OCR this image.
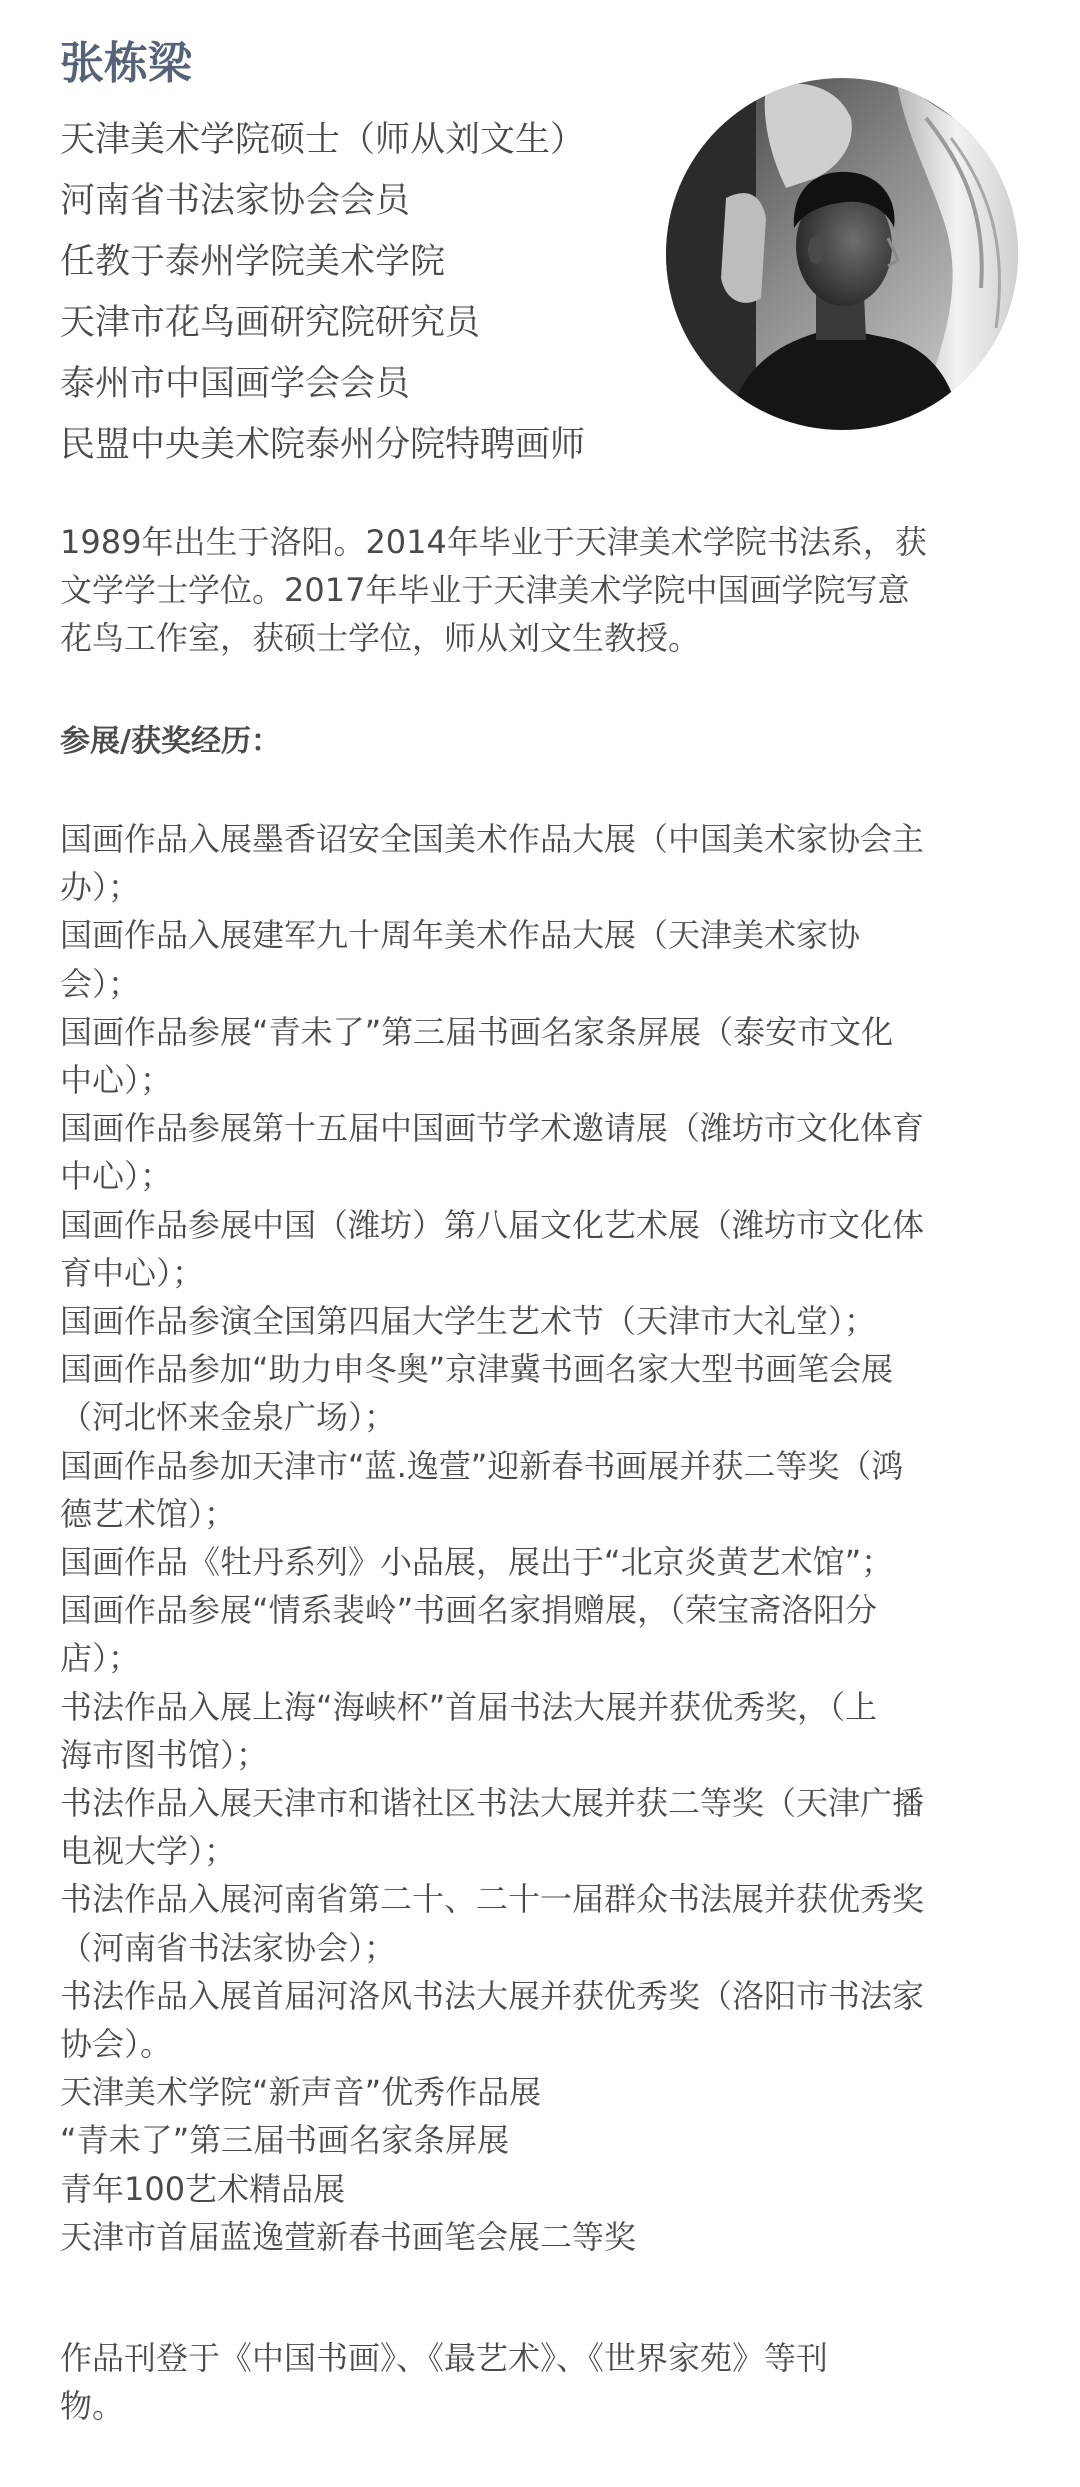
张栋梁
天津美术学院硕士（师从刘文生）
河南省书法家协会会员
任教于泰州学院美术学院
天津市花鸟画研究院研究员
泰州市中国画学会会员
民盟中央美术院泰州分院特聘画师

1989年出生于洛阳。2014年毕业于天津美术学院书法系，获

文学学士学位。2017年毕业于天津美术学院中国画学院写意

花鸟工作室，获硕士学位，师从刘文生教授。

参展/获奖经历：

国画作品入展墨香诏安全国美术作品大展（中国美术家协会主

办）；

国画作品入展建军九十周年美术作品大展（天津美术家协

会）；

国画作品参展“青未了”第三届书画名家条屏展（泰安市文化

中心）；

国画作品参展第十五届中国画节学术邀请展（潍坊市文化体育

中心）；

国画作品参展中国（潍坊）第八届文化艺术展（潍坊市文化体

育中心）；

国画作品参演全国第四届大学生艺术节（天津市大礼堂）；

国画作品参加“助力申冬奥”京津冀书画名家大型书画笔会展

（河北怀来金泉广场）；

国画作品参加天津市“蓝.逸萱”迎新春书画展并获二等奖（鸿

德艺术馆）；

国画作品《牡丹系列》小品展，展出于“北京炎黄艺术馆”；

国画作品参展“情系裴岭”书画名家捐赠展，（荣宝斋洛阳分

店）；

书法作品入展上海“海峡杯”首届书法大展并获优秀奖，（上

海市图书馆）；

书法作品入展天津市和谐社区书法大展并获二等奖（天津广播

电视大学）；

书法作品入展河南省第二十、二十一届群众书法展并获优秀奖

（河南省书法家协会）；

书法作品入展首届河洛风书法大展并获优秀奖（洛阳市书法家

协会）。

天津美术学院“新声音”优秀作品展

“青未了”第三届书画名家条屏展

青年100艺术精品展

天津市首届蓝逸萱新春书画笔会展二等奖

作品刊登于《中国书画》、《最艺术》、《世界家苑》等刊

物。
